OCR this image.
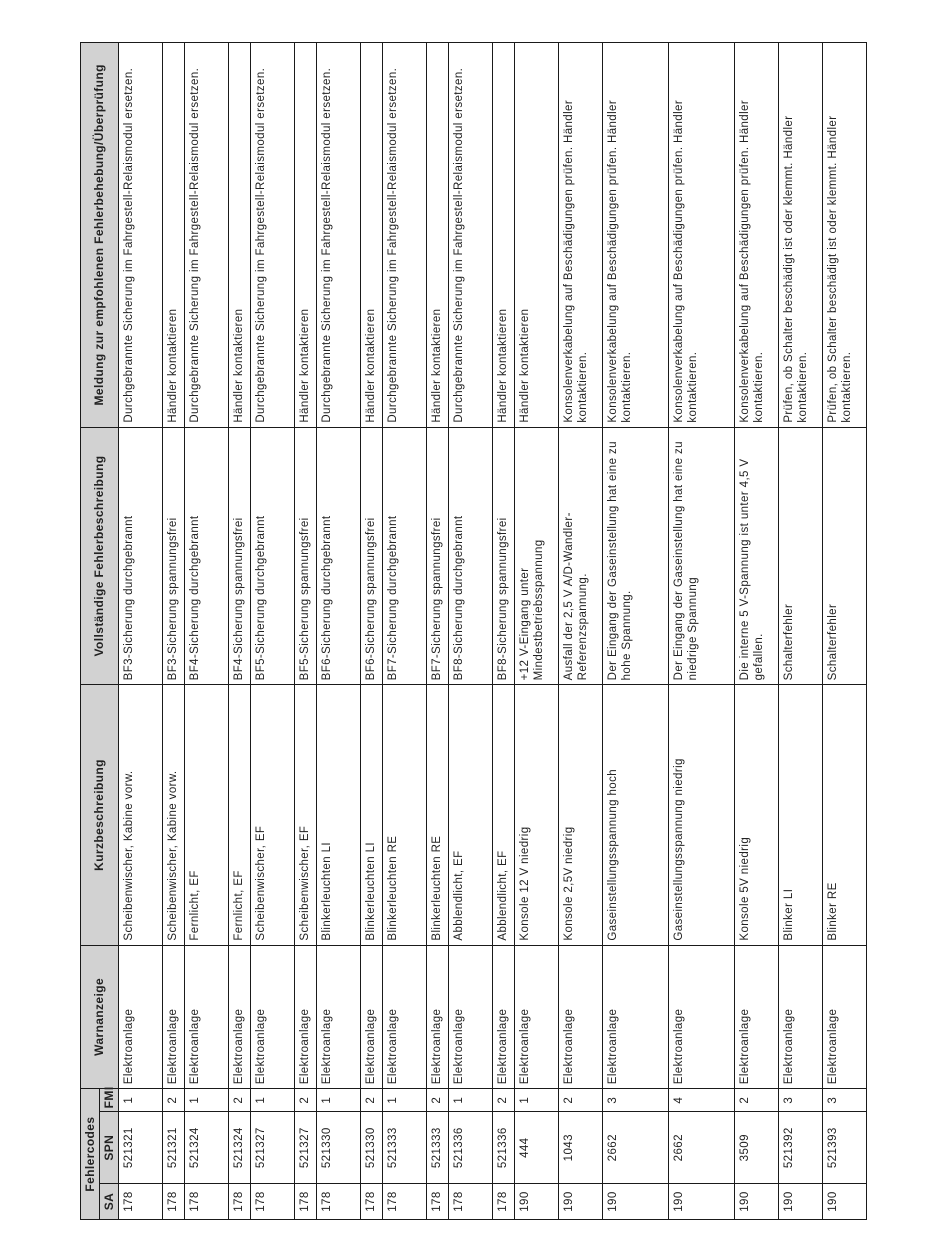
Fehlercodes			Warnanzeige	Kurzbeschreibung	Vollständige Fehlerbeschreibung	Meldung zur empfohlenen Fehlerbehebung/Überprüfung
SA	SPN	FMI				
178	521321	1	Elektroanlage	Scheibenwischer, Kabine vorw.	BF3-Sicherung durchgebrannt	Durchgebrannte Sicherung im Fahrgestell-Relaismodul ersetzen.
178	521321	2	Elektroanlage	Scheibenwischer, Kabine vorw.	BF3-Sicherung spannungsfrei	Händler kontaktieren
178	521324	1	Elektroanlage	Fernlicht, EF	BF4-Sicherung durchgebrannt	Durchgebrannte Sicherung im Fahrgestell-Relaismodul ersetzen.
178	521324	2	Elektroanlage	Fernlicht, EF	BF4-Sicherung spannungsfrei	Händler kontaktieren
178	521327	1	Elektroanlage	Scheibenwischer, EF	BF5-Sicherung durchgebrannt	Durchgebrannte Sicherung im Fahrgestell-Relaismodul ersetzen.
178	521327	2	Elektroanlage	Scheibenwischer, EF	BF5-Sicherung spannungsfrei	Händler kontaktieren
178	521330	1	Elektroanlage	Blinkerleuchten LI	BF6-Sicherung durchgebrannt	Durchgebrannte Sicherung im Fahrgestell-Relaismodul ersetzen.
178	521330	2	Elektroanlage	Blinkerleuchten LI	BF6-Sicherung spannungsfrei	Händler kontaktieren
178	521333	1	Elektroanlage	Blinkerleuchten RE	BF7-Sicherung durchgebrannt	Durchgebrannte Sicherung im Fahrgestell-Relaismodul ersetzen.
178	521333	2	Elektroanlage	Blinkerleuchten RE	BF7-Sicherung spannungsfrei	Händler kontaktieren
178	521336	1	Elektroanlage	Abblendlicht, EF	BF8-Sicherung durchgebrannt	Durchgebrannte Sicherung im Fahrgestell-Relaismodul ersetzen.
178	521336	2	Elektroanlage	Abblendlicht, EF	BF8-Sicherung spannungsfrei	Händler kontaktieren
190	444	1	Elektroanlage	Konsole 12 V niedrig	+12 V-Eingang unter Mindestbetriebsspannung	Händler kontaktieren
190	1043	2	Elektroanlage	Konsole 2,5V niedrig	Ausfall der 2,5 V A/D-Wandler-Referenzspannung.	Konsolenverkabelung auf Beschädigungen prüfen. Händler kontaktieren.
190	2662	3	Elektroanlage	Gaseinstellungsspannung hoch	Der Eingang der Gaseinstellung hat eine zu hohe Spannung.	Konsolenverkabelung auf Beschädigungen prüfen. Händler kontaktieren.
190	2662	4	Elektroanlage	Gaseinstellungsspannung niedrig	Der Eingang der Gaseinstellung hat eine zu niedrige Spannung	Konsolenverkabelung auf Beschädigungen prüfen. Händler kontaktieren.
190	3509	2	Elektroanlage	Konsole 5V niedrig	Die interne 5 V-Spannung ist unter 4,5 V gefallen.	Konsolenverkabelung auf Beschädigungen prüfen. Händler kontaktieren.
190	521392	3	Elektroanlage	Blinker LI	Schalterfehler	Prüfen, ob Schalter beschädigt ist oder klemmt. Händler kontaktieren.
190	521393	3	Elektroanlage	Blinker RE	Schalterfehler	Prüfen, ob Schalter beschädigt ist oder klemmt. Händler kontaktieren.
